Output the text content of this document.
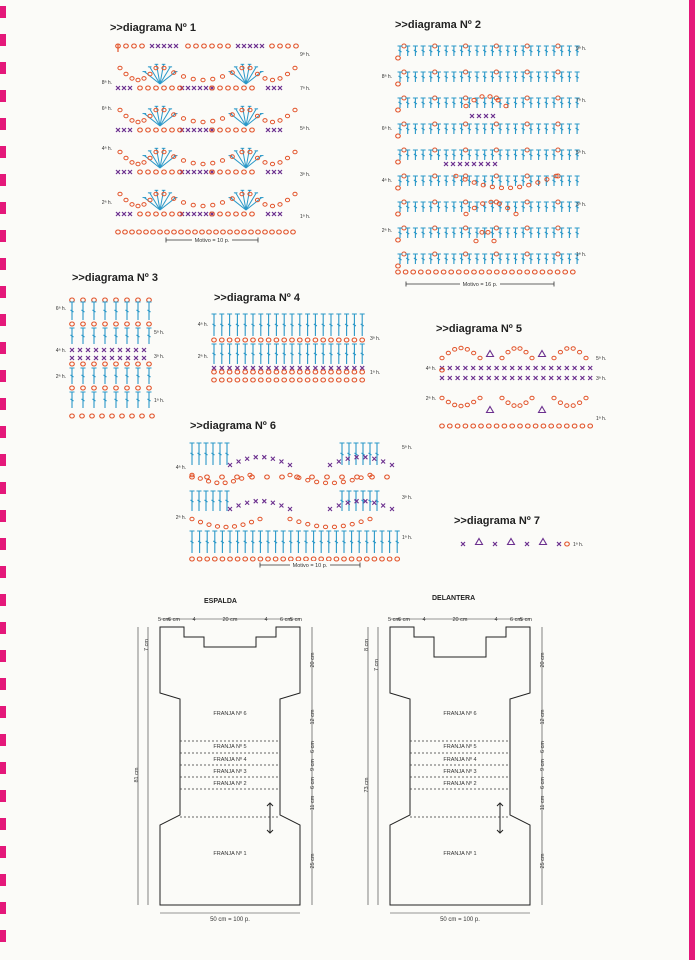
>>diagrama Nº 1	>>diagrama Nº 2
>>diagrama Nº 3
>>diagrama Nº 4
>>diagrama Nº 5
>>diagrama Nº 6
>>diagrama Nº 7
8ª h.
6ª h.
4ª h.
2ª h.
9ª h.
7ª h.
5ª h.
3ª h.
1ª h.
Motivo = 10 p.
8ª h.
6ª h.
4ª h.
2ª h.
9ª h.
7ª h.
5ª h.
3ª h.
1ª h.
Motivo = 16 p.
6ª h.
4ª h.
2ª h.
5ª h.
3ª h.
1ª h.
4ª h.
2ª h.
3ª h.
1ª h.
4ª h.
2ª h.
5ª h.
3ª h.
1ª h.
4ª h.
2ª h.
5ª h.
3ª h.
1ª h.
Motivo = 10 p.
1ª h.
ESPALDA	DELANTERA
FRANJA Nº 6
FRANJA Nº 5
FRANJA Nº 4
FRANJA Nº 3
FRANJA Nº 2
FRANJA Nº 1
5 cm
6 cm 4	20 cm	4 6 cm
5 cm
20 cm
12 cm
6 cm
9 cm
6 cm
11 cm
25 cm
7 cm
81 cm
50 cm = 100 p.
FRANJA Nº 6
FRANJA Nº 5
FRANJA Nº 4
FRANJA Nº 3
FRANJA Nº 2
FRANJA Nº 1
5 cm
6 cm 4	20 cm	4 6 cm
5 cm
20 cm
12 cm
6 cm
9 cm
6 cm
11 cm
25 cm
8 cm
7 cm
73 cm
50 cm = 100 p.
